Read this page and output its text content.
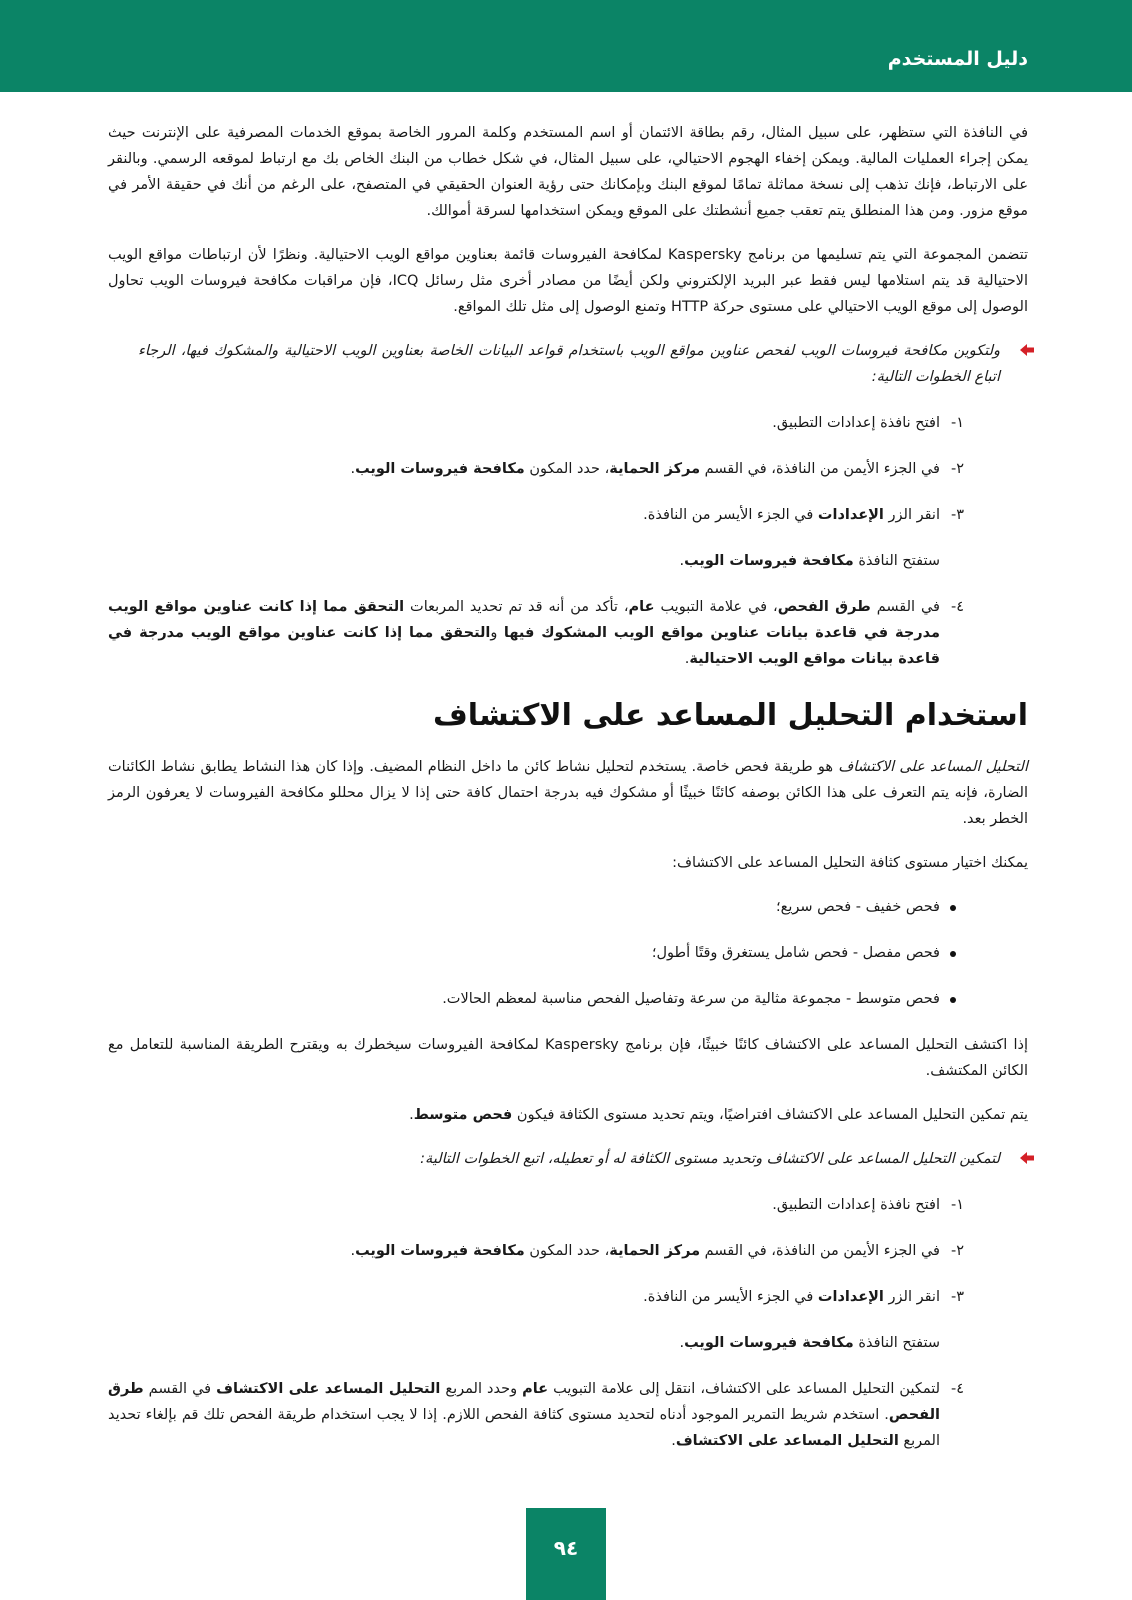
دليل المستخدم

في النافذة التي ستظهر، على سبيل المثال، رقم بطاقة الائتمان أو اسم المستخدم وكلمة المرور الخاصة بموقع الخدمات المصرفية على الإنترنت حيث يمكن إجراء العمليات المالية. ويمكن إخفاء الهجوم الاحتيالي، على سبيل المثال، في شكل خطاب من البنك الخاص بك مع ارتباط لموقعه الرسمي. وبالنقر على الارتباط، فإنك تذهب إلى نسخة مماثلة تمامًا لموقع البنك وبإمكانك حتى رؤية العنوان الحقيقي في المتصفح، على الرغم من أنك في حقيقة الأمر في موقع مزور. ومن هذا المنطلق يتم تعقب جميع أنشطتك على الموقع ويمكن استخدامها لسرقة أموالك.

تتضمن المجموعة التي يتم تسليمها من برنامج Kaspersky لمكافحة الفيروسات قائمة بعناوين مواقع الويب الاحتيالية. ونظرًا لأن ارتباطات مواقع الويب الاحتيالية قد يتم استلامها ليس فقط عبر البريد الإلكتروني ولكن أيضًا من مصادر أخرى مثل رسائل ICQ، فإن مراقبات مكافحة فيروسات الويب تحاول الوصول إلى موقع الويب الاحتيالي على مستوى حركة HTTP وتمنع الوصول إلى مثل تلك المواقع.

ولتكوين مكافحة فيروسات الويب لفحص عناوين مواقع الويب باستخدام قواعد البيانات الخاصة بعناوين الويب الاحتيالية والمشكوك فيها، الرجاء اتباع الخطوات التالية:
١-
افتح نافذة إعدادات التطبيق.
٢-
في الجزء الأيمن من النافذة، في القسم مركز الحماية، حدد المكون مكافحة فيروسات الويب.
٣-
انقر الزر الإعدادات في الجزء الأيسر من النافذة.
ستفتح النافذة مكافحة فيروسات الويب.
٤-
في القسم طرق الفحص، في علامة التبويب عام، تأكد من أنه قد تم تحديد المربعات التحقق مما إذا كانت عناوين مواقع الويب مدرجة في قاعدة بيانات عناوين مواقع الويب المشكوك فيها والتحقق مما إذا كانت عناوين مواقع الويب مدرجة في قاعدة بيانات مواقع الويب الاحتيالية.
استخدام التحليل المساعد على الاكتشاف

التحليل المساعد على الاكتشاف هو طريقة فحص خاصة. يستخدم لتحليل نشاط كائن ما داخل النظام المضيف. وإذا كان هذا النشاط يطابق نشاط الكائنات الضارة، فإنه يتم التعرف على هذا الكائن بوصفه كائنًا خبيثًا أو مشكوك فيه بدرجة احتمال كافة حتى إذا لا يزال محللو مكافحة الفيروسات لا يعرفون الرمز الخطر بعد.

يمكنك اختيار مستوى كثافة التحليل المساعد على الاكتشاف:

فحص خفيف - فحص سريع؛
فحص مفصل - فحص شامل يستغرق وقتًا أطول؛
فحص متوسط - مجموعة مثالية من سرعة وتفاصيل الفحص مناسبة لمعظم الحالات.

إذا اكتشف التحليل المساعد على الاكتشاف كائنًا خبيثًا، فإن برنامج Kaspersky لمكافحة الفيروسات سيخطرك به ويقترح الطريقة المناسبة للتعامل مع الكائن المكتشف.

يتم تمكين التحليل المساعد على الاكتشاف افتراضيًا، ويتم تحديد مستوى الكثافة فيكون فحص متوسط.

لتمكين التحليل المساعد على الاكتشاف وتحديد مستوى الكثافة له أو تعطيله، اتبع الخطوات التالية:
١-
افتح نافذة إعدادات التطبيق.
٢-
في الجزء الأيمن من النافذة، في القسم مركز الحماية، حدد المكون مكافحة فيروسات الويب.
٣-
انقر الزر الإعدادات في الجزء الأيسر من النافذة.
ستفتح النافذة مكافحة فيروسات الويب.
٤-
لتمكين التحليل المساعد على الاكتشاف، انتقل إلى علامة التبويب عام وحدد المربع التحليل المساعد على الاكتشاف في القسم طرق الفحص. استخدم شريط التمرير الموجود أدناه لتحديد مستوى كثافة الفحص اللازم. إذا لا يجب استخدام طريقة الفحص تلك قم بإلغاء تحديد المربع التحليل المساعد على الاكتشاف.
٩٤
